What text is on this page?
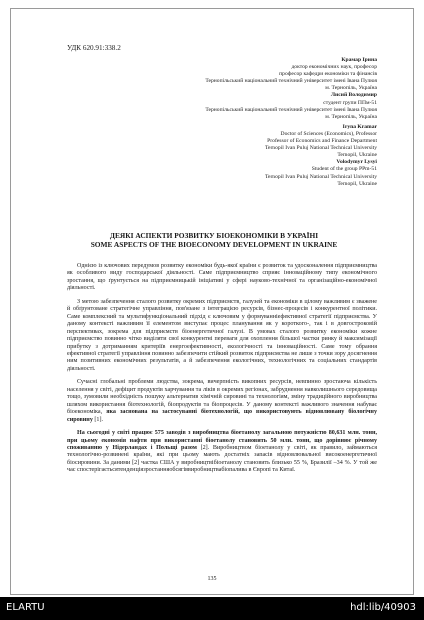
УДК 620.91:338.2
Крамар Ірина
доктор економічних наук, професор
професор кафедри економіки та фінансів
Тернопільський національний технічний університет імені Івана Пулюя
м. Тернопіль, Україна
Лисий Володимир
студент групи ППм-51
Тернопільський національний технічний університет імені Івана Пулюя
м. Тернопіль, Україна
Iryna Kramar
Doctor of Sciences (Economics), Professor
Professor of Economics and Finance Department
Ternopil Ivan Puluj National Technical University
Ternopil, Ukraine
Volodymyr Lysyi
Student of the group PPm-51
Ternopil Ivan Puluj National Technical University
Ternopil, Ukraine
ДЕЯКІ АСПЕКТИ РОЗВИТКУ БІОЕКОНОМІКИ В УКРАЇНІ
SOME ASPECTS OF THE BIOECONOMY DEVELOPMENT IN UKRAINE

Однією із ключових передумов розвитку економіки будь-якої країни є розвиток та удосконалення підприємництва як особливого виду господарської діяльності. Саме підприємництво сприяє інноваційному типу економічного зростання, що ґрунтується на підприємницькій ініціативі у сфері науково-технічної та організаційно-економічної діяльності.

З метою забезпечення сталого розвитку окремих підприємств, галузей та економіки в цілому важливим є зважене й обґрунтоване стратегічне управління, пов'язане з інтеграцією ресурсів, бізнес-процесів і конкурентної політики. Саме комплексний та мультифункціональний підхід є ключовим у формуванніефективної стратегії підприємства. У даному контексті важливим її елементом виступає процес планування як у короткого-, так і в довгостроковій перспективах, зокрема для підприємств біоенергетичної галузі. В умовах сталого розвитку економіки кожне підприємство повинно чітко виділяти свої конкурентні переваги для охоплення більшої частки ринку й максимізації прибутку з дотриманням критеріїв енергоефективності, екологічності та інноваційності. Саме тому обрання ефективної стратегії управління повинно забезпечити стійкий розвиток підприємства не лише з точки зору досягнення ним позитивних економічних результатів, а й забезпечення екологічних, технологічних та соціальних стандартів діяльності.

Сучасні глобальні проблеми людства, зокрема, вичерпність викопних ресурсів, невпинно зростаюча кількість населення у світі, дефіцит продуктів харчування та ліків в окремих регіонах, забруднення навколишнього середовища тощо, зумовили необхідність пошуку альтернатив хімічній сировині та технологіям, зміну традиційного виробництва шляхом використання біотехнологій, біопродуктів та біопроцесів. У даному контексті важливого значення набуває біоекономіка, яка заснована на застосуванні біотехнологій, що використовують відновлювану біологічну сировину [1].

На сьогодні у світі працює 575 заводів з виробництва біоетанолу загальною потужністю 80,631 млн. тонн, при цьому економія нафти при використанні біоетанолу становить 50 млн. тонн, що дорівнює річному споживанню у Нідерландах і Польщі разом [2]. Виробництвом біоетанолу у світі, як правило, займаються технологічно-розвинені країни, які при цьому мають достатніх запасів відновлювальної високоенергетичної біосировини. За даними [2] частка США у виробництвібіоетанолу становить близько 55 %, Бразилії –34 %. У той же час спостерігаєтьсятенденціязростанняобсягіввиробництвабіопалива в Європі та Китаї.

135
ELARTU	hdl:lib/40903
